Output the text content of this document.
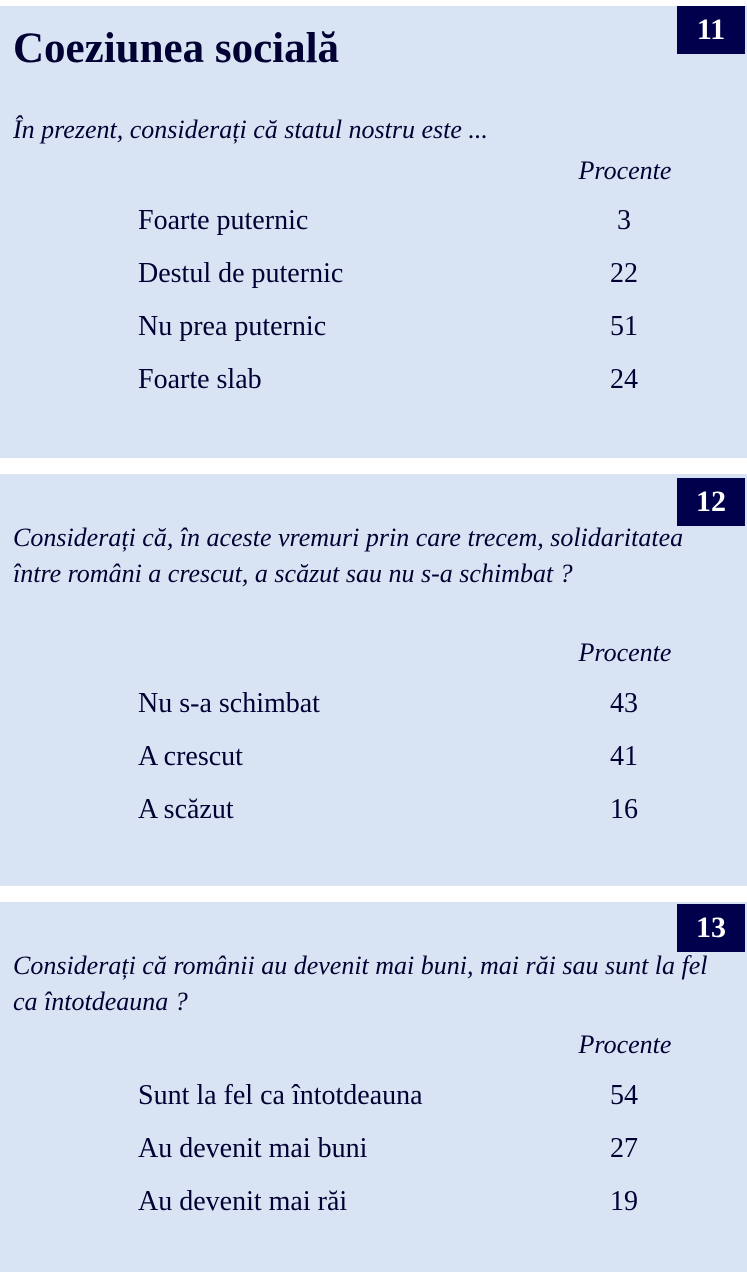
11
Coeziunea socială

În prezent, considerați că statul nostru este ...

Procente
Foarte puternic	3
Destul de puternic	22
Nu prea puternic	51
Foarte slab	24
12

Considerați că, în aceste vremuri prin care trecem, solidaritatea între români a crescut, a scăzut sau nu s-a schimbat ?

Procente
Nu s-a schimbat	43
A crescut	41
A scăzut	16
13

Considerați că românii au devenit mai buni, mai răi sau sunt la fel ca întotdeauna ?

Procente
Sunt la fel ca întotdeauna	54
Au devenit mai buni	27
Au devenit mai răi	19
